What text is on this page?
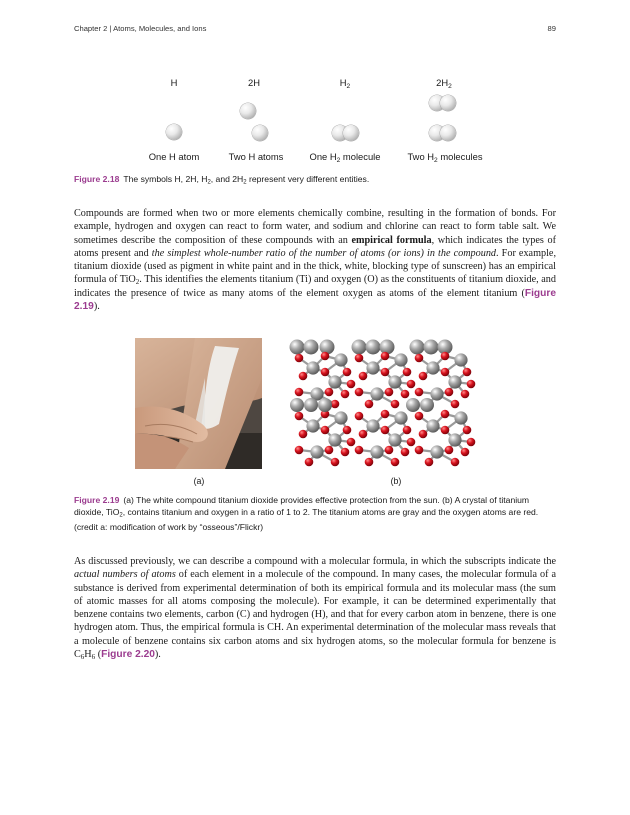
Chapter 2 | Atoms, Molecules, and Ions	89
H	2H	$H_2$	$2H_2$
One H atom	Two H atoms	One $H_2$ molecule	Two $H_2$ molecules
Figure 2.18 The symbols H, 2H, $H_2$, and $2H_2$ represent very different entities.
Compounds are formed when two or more elements chemically combine, resulting in the formation of bonds. For example, hydrogen and oxygen can react to form water, and sodium and chlorine can react to form table salt. We sometimes describe the composition of these compounds with an empirical formula, which indicates the types of atoms present and the simplest whole-number ratio of the number of atoms (or ions) in the compound. For example, titanium dioxide (used as pigment in white paint and in the thick, white, blocking type of sunscreen) has an empirical formula of TiO$_2$. This identifies the elements titanium (Ti) and oxygen (O) as the constituents of titanium dioxide, and indicates the presence of twice as many atoms of the element oxygen as atoms of the element titanium (Figure 2.19).
(a)	(b)
Figure 2.19 (a) The white compound titanium dioxide provides effective protection from the sun. (b) A crystal of titanium dioxide, TiO$_2$, contains titanium and oxygen in a ratio of 1 to 2. The titanium atoms are gray and the oxygen atoms are red. (credit a: modification of work by “osseous”/Flickr)
As discussed previously, we can describe a compound with a molecular formula, in which the subscripts indicate the actual numbers of atoms of each element in a molecule of the compound. In many cases, the molecular formula of a substance is derived from experimental determination of both its empirical formula and its molecular mass (the sum of atomic masses for all atoms composing the molecule). For example, it can be determined experimentally that benzene contains two elements, carbon (C) and hydrogen (H), and that for every carbon atom in benzene, there is one hydrogen atom. Thus, the empirical formula is CH. An experimental determination of the molecular mass reveals that a molecule of benzene contains six carbon atoms and six hydrogen atoms, so the molecular formula for benzene is $C_6H_6$ (Figure 2.20).
